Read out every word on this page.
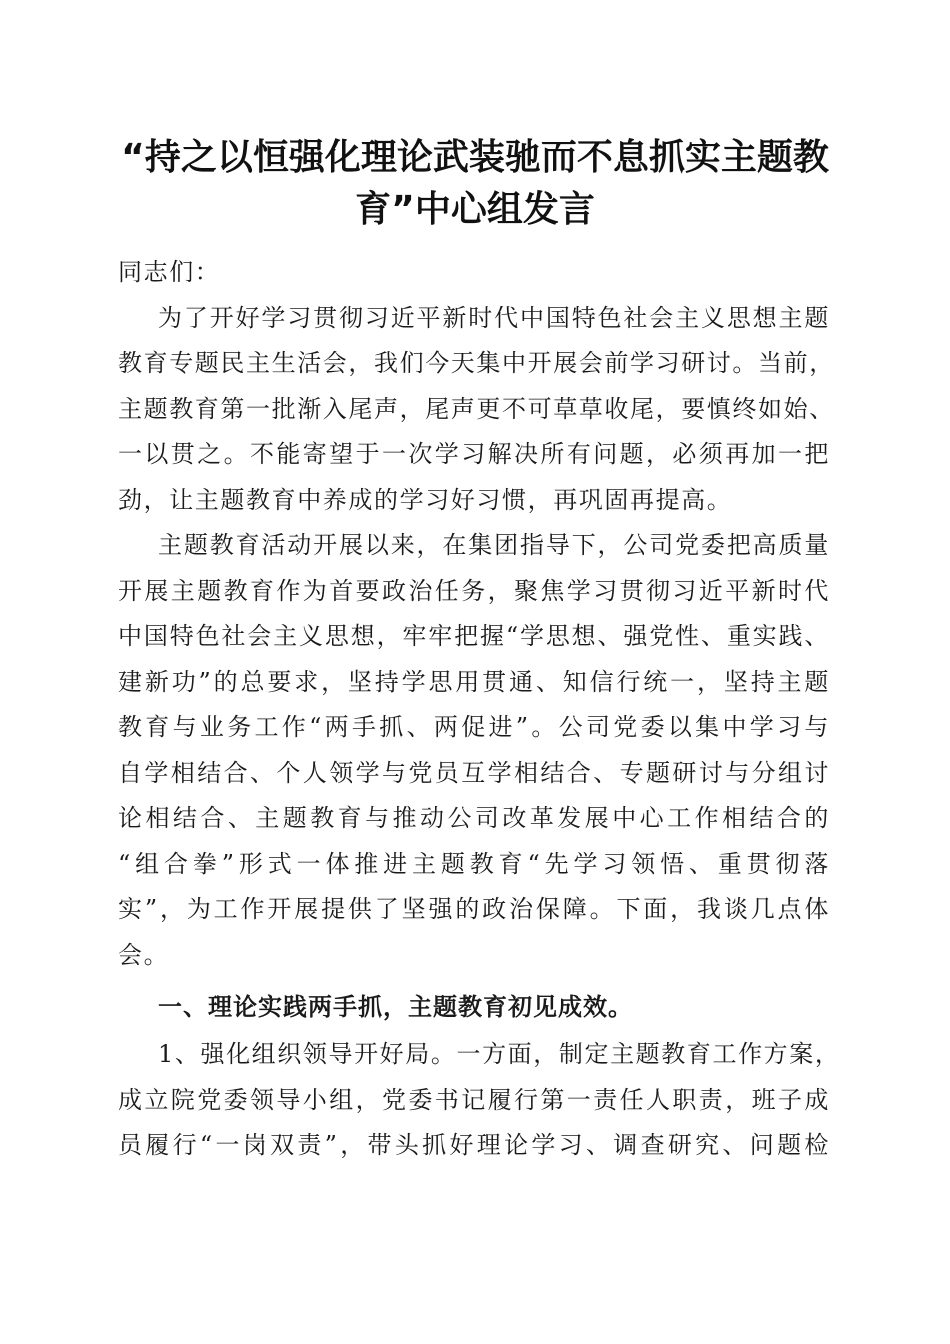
“持之以恒强化理论武装驰而不息抓实主题教
育”中心组发言
同志们：
为了开好学习贯彻习近平新时代中国特色社会主义思想主题
教育专题民主生活会，我们今天集中开展会前学习研讨。当前，
主题教育第一批渐入尾声，尾声更不可草草收尾，要慎终如始、
一以贯之。不能寄望于一次学习解决所有问题，必须再加一把
劲，让主题教育中养成的学习好习惯，再巩固再提高。
主题教育活动开展以来，在集团指导下，公司党委把高质量
开展主题教育作为首要政治任务，聚焦学习贯彻习近平新时代
中国特色社会主义思想，牢牢把握“学思想、强党性、重实践、
建新功”的总要求，坚持学思用贯通、知信行统一，坚持主题
教育与业务工作“两手抓、两促进”。公司党委以集中学习与
自学相结合、个人领学与党员互学相结合、专题研讨与分组讨
论相结合、主题教育与推动公司改革发展中心工作相结合的
“组合拳”形式一体推进主题教育“先学习领悟、重贯彻落
实”，为工作开展提供了坚强的政治保障。下面，我谈几点体
会。
一、理论实践两手抓，主题教育初见成效。
1、强化组织领导开好局。一方面，制定主题教育工作方案，
成立院党委领导小组，党委书记履行第一责任人职责，班子成
员履行“一岗双责”，带头抓好理论学习、调查研究、问题检
